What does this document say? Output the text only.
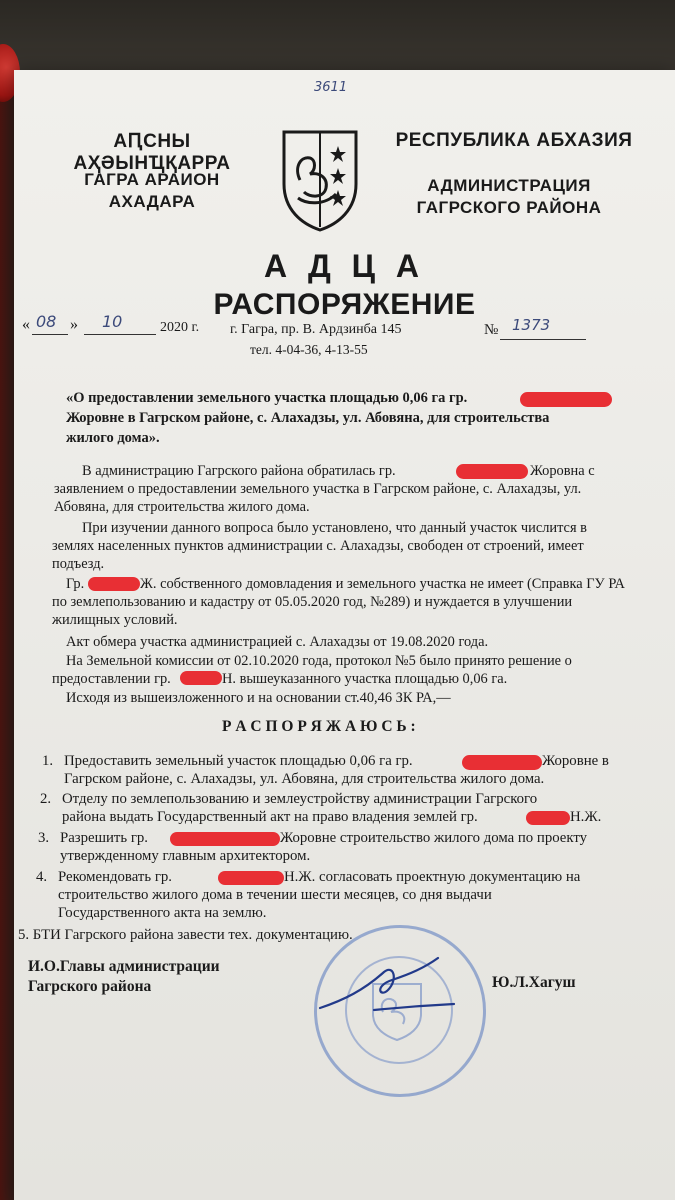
3611
АԤСНЫ АҲӘЫНҴҚАРРА
ГАГРА АРАИОН
АХАДАРА
РЕСПУБЛИКА АБХАЗИЯ
АДМИНИСТРАЦИЯ
ГАГРСКОГО РАЙОНА
А Д Ц А
РАСПОРЯЖЕНИЕ
« 08 » 10	2020 г. г. Гагра, пр. В. Ардзинба 145
тел. 4-04-36, 4-13-55
№ 1373
«О предоставлении земельного участка площадью 0,06 га гр.
Жоровне в Гагрском районе, с. Алахадзы, ул. Абовяна, для строительства
жилого дома».
В администрацию Гагрского района обратилась гр.	Жоровна с
заявлением о предоставлении земельного участка в Гагрском районе, с. Алахадзы, ул.
Абовяна, для строительства жилого дома.
При изучении данного вопроса было установлено, что данный участок числится в
землях населенных пунктов администрации с. Алахадзы, свободен от строений, имеет
подъезд.
Гр.	Ж. собственного домовладения и земельного участка не имеет (Справка ГУ РА
по землепользованию и кадастру от 05.05.2020 год, №289) и нуждается в улучшении
жилищных условий.
Акт обмера участка администрацией с. Алахадзы от 19.08.2020 года.
На Земельной комиссии от 02.10.2020 года, протокол №5 было принято решение о
предоставлении гр.	Н. вышеуказанного участка площадью 0,06 га.
Исходя из вышеизложенного и на основании ст.40,46 ЗК РА,—
Р А С П О Р Я Ж А Ю С Ь :
1. Предоставить земельный участок площадью 0,06 га гр.	Жоровне в
Гагрском районе, с. Алахадзы, ул. Абовяна, для строительства жилого дома.
2. Отделу по землепользованию и землеустройству администрации Гагрского
района выдать Государственный акт на право владения землей гр.	Н.Ж.
3. Разрешить гр.	Жоровне строительство жилого дома по проекту
утвержденному главным архитектором.
4. Рекомендовать гр.	Н.Ж. согласовать проектную документацию на
строительство жилого дома в течении шести месяцев, со дня выдачи
Государственного акта на землю.
5. БТИ Гагрского района завести тех. документацию.
И.О.Главы администрации
Гагрского района	Ю.Л.Хагуш
